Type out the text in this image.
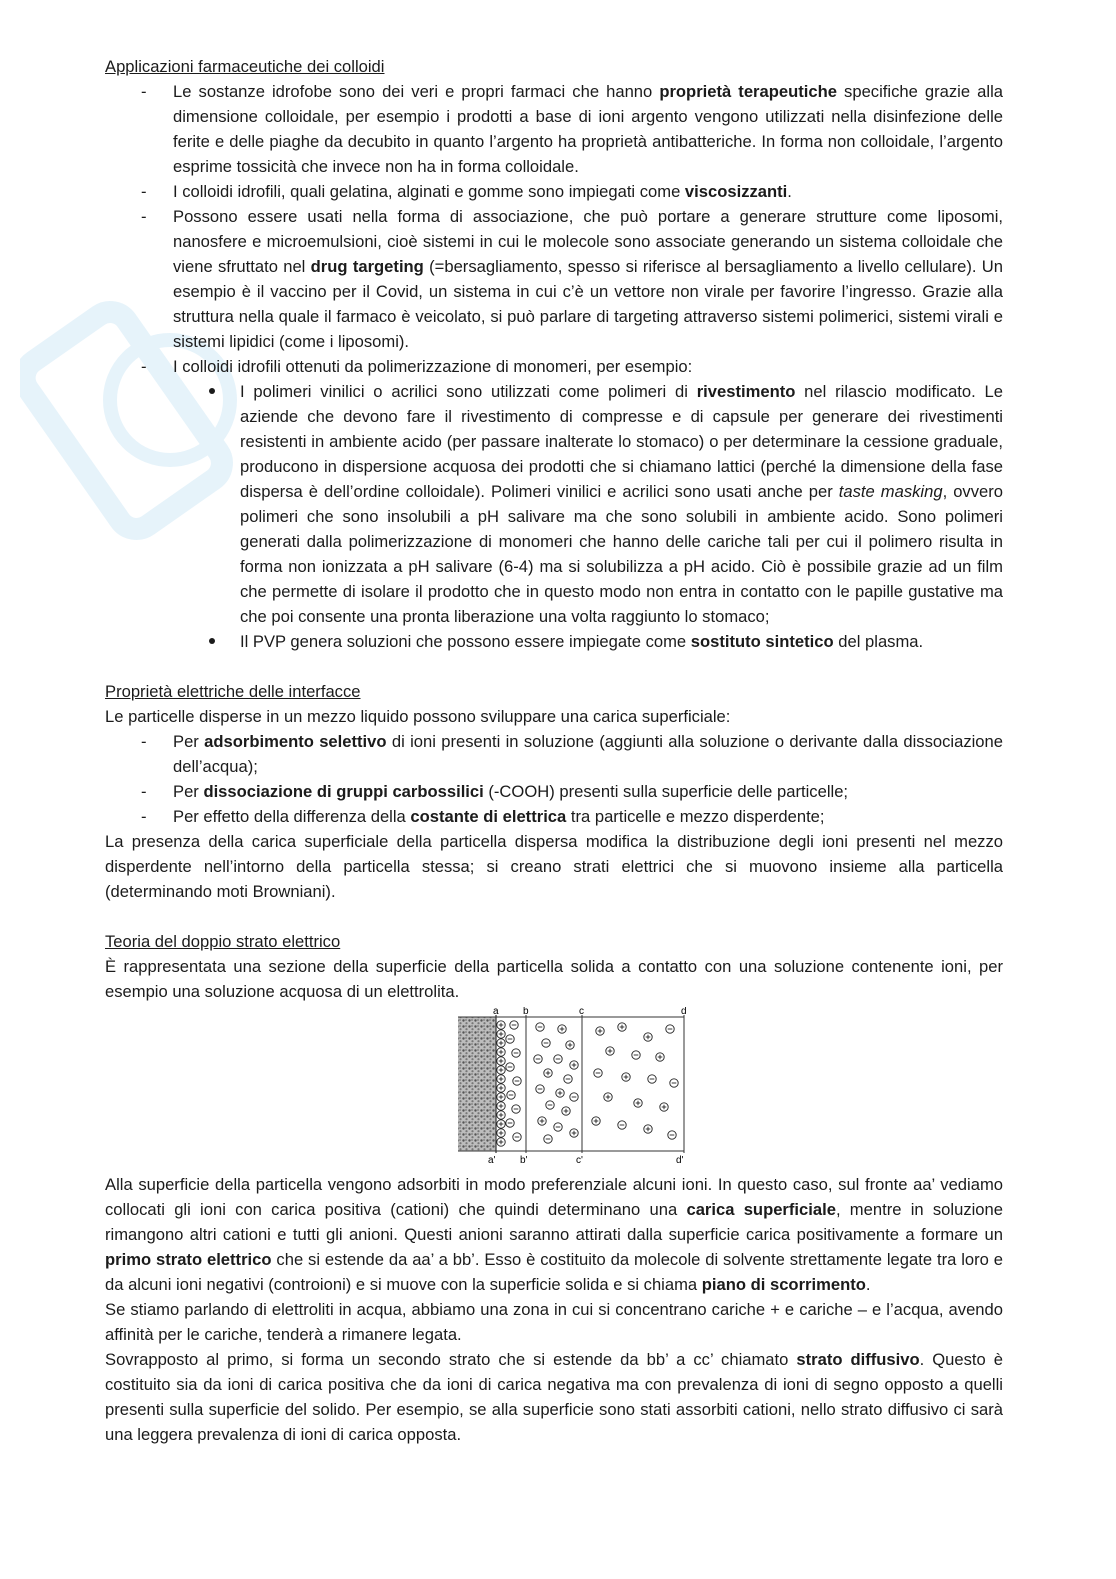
Applicazioni farmaceutiche dei colloidi

- Le sostanze idrofobe sono dei veri e propri farmaci che hanno proprietà terapeutiche specifiche grazie alla dimensione colloidale, per esempio i prodotti a base di ioni argento vengono utilizzati nella disinfezione delle ferite e delle piaghe da decubito in quanto l’argento ha proprietà antibatteriche. In forma non colloidale, l’argento esprime tossicità che invece non ha in forma colloidale.
- I colloidi idrofili, quali gelatina, alginati e gomme sono impiegati come viscosizzanti.
- Possono essere usati nella forma di associazione, che può portare a generare strutture come liposomi, nanosfere e microemulsioni, cioè sistemi in cui le molecole sono associate generando un sistema colloidale che viene sfruttato nel drug targeting (=bersagliamento, spesso si riferisce al bersagliamento a livello cellulare). Un esempio è il vaccino per il Covid, un sistema in cui c’è un vettore non virale per favorire l’ingresso. Grazie alla struttura nella quale il farmaco è veicolato, si può parlare di targeting attraverso sistemi polimerici, sistemi virali e sistemi lipidici (come i liposomi).
- I colloidi idrofili ottenuti da polimerizzazione di monomeri, per esempio:
I polimeri vinilici o acrilici sono utilizzati come polimeri di rivestimento nel rilascio modificato. Le aziende che devono fare il rivestimento di compresse e di capsule per generare dei rivestimenti resistenti in ambiente acido (per passare inalterate lo stomaco) o per determinare la cessione graduale, producono in dispersione acquosa dei prodotti che si chiamano lattici (perché la dimensione della fase dispersa è dell’ordine colloidale). Polimeri vinilici e acrilici sono usati anche per taste masking, ovvero polimeri che sono insolubili a pH salivare ma che sono solubili in ambiente acido. Sono polimeri generati dalla polimerizzazione di monomeri che hanno delle cariche tali per cui il polimero risulta in forma non ionizzata a pH salivare (6-4) ma si solubilizza a pH acido. Ciò è possibile grazie ad un film che permette di isolare il prodotto che in questo modo non entra in contatto con le papille gustative ma che poi consente una pronta liberazione una volta raggiunto lo stomaco;
Il PVP genera soluzioni che possono essere impiegate come sostituto sintetico del plasma.

Proprietà elettriche delle interfacce

Le particelle disperse in un mezzo liquido possono sviluppare una carica superficiale:

- Per adsorbimento selettivo di ioni presenti in soluzione (aggiunti alla soluzione o derivante dalla dissociazione dell’acqua);
- Per dissociazione di gruppi carbossilici (-COOH) presenti sulla superficie delle particelle;
- Per effetto della differenza della costante di elettrica tra particelle e mezzo disperdente;

La presenza della carica superficiale della particella dispersa modifica la distribuzione degli ioni presenti nel mezzo disperdente nell’intorno della particella stessa; si creano strati elettrici che si muovono insieme alla particella (determinando moti Browniani).

Teoria del doppio strato elettrico

È rappresentata una sezione della superficie della particella solida a contatto con una soluzione contenente ioni, per esempio una soluzione acquosa di un elettrolita.

a b	c	d
a' b'	c'	d'

Alla superficie della particella vengono adsorbiti in modo preferenziale alcuni ioni. In questo caso, sul fronte aa’ vediamo collocati gli ioni con carica positiva (cationi) che quindi determinano una carica superficiale, mentre in soluzione rimangono altri cationi e tutti gli anioni. Questi anioni saranno attirati dalla superficie carica positivamente a formare un primo strato elettrico che si estende da aa’ a bb’. Esso è costituito da molecole di solvente strettamente legate tra loro e da alcuni ioni negativi (controioni) e si muove con la superficie solida e si chiama piano di scorrimento.

Se stiamo parlando di elettroliti in acqua, abbiamo una zona in cui si concentrano cariche + e cariche – e l’acqua, avendo affinità per le cariche, tenderà a rimanere legata.

Sovrapposto al primo, si forma un secondo strato che si estende da bb’ a cc’ chiamato strato diffusivo. Questo è costituito sia da ioni di carica positiva che da ioni di carica negativa ma con prevalenza di ioni di segno opposto a quelli presenti sulla superficie del solido. Per esempio, se alla superficie sono stati assorbiti cationi, nello strato diffusivo ci sarà una leggera prevalenza di ioni di carica opposta.
